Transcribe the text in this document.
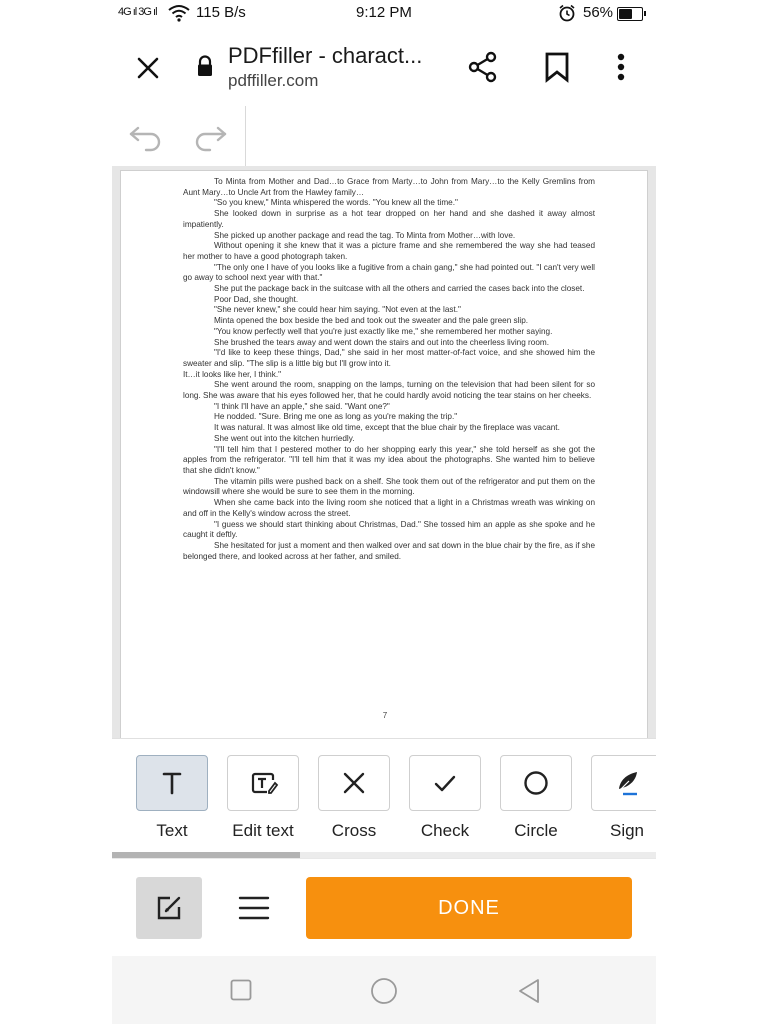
4G ıl 3G ıl	115 B/s	9:12 PM	56%
PDFfiller - charact...
pdffiller.com

To Minta from Mother and Dad…to Grace from Marty…to John from Mary…to the Kelly Gremlins from Aunt Mary…to Uncle Art from the Hawley family…

"So you knew," Minta whispered the words. "You knew all the time."

She looked down in surprise as a hot tear dropped on her hand and she dashed it away almost impatiently.

She picked up another package and read the tag. To Minta from Mother…with love.

Without opening it she knew that it was a picture frame and she remembered the way she had teased her mother to have a good photograph taken.

"The only one I have of you looks like a fugitive from a chain gang," she had pointed out. "I can't very well go away to school next year with that."

She put the package back in the suitcase with all the others and carried the cases back into the closet.

Poor Dad, she thought.

"She never knew," she could hear him saying. "Not even at the last."

Minta opened the box beside the bed and took out the sweater and the pale green slip.

"You know perfectly well that you're just exactly like me," she remembered her mother saying.

She brushed the tears away and went down the stairs and out into the cheerless living room.

"I'd like to keep these things, Dad," she said in her most matter-of-fact voice, and she showed him the sweater and slip. "The slip is a little big but I'll grow into it.

It…it looks like her, I think."

She went around the room, snapping on the lamps, turning on the television that had been silent for so long. She was aware that his eyes followed her, that he could hardly avoid noticing the tear stains on her cheeks.

"I think I'll have an apple," she said. "Want one?"

He nodded. "Sure. Bring me one as long as you're making the trip."

It was natural. It was almost like old time, except that the blue chair by the fireplace was vacant.

She went out into the kitchen hurriedly.

"I'll tell him that I pestered mother to do her shopping early this year," she told herself as she got the apples from the refrigerator. "I'll tell him that it was my idea about the photographs. She wanted him to believe that she didn't know."

The vitamin pills were pushed back on a shelf. She took them out of the refrigerator and put them on the windowsill where she would be sure to see them in the morning.

When she came back into the living room she noticed that a light in a Christmas wreath was winking on and off in the Kelly's window across the street.

"I guess we should start thinking about Christmas, Dad." She tossed him an apple as she spoke and he caught it deftly.

She hesitated for just a moment and then walked over and sat down in the blue chair by the fire, as if she belonged there, and looked across at her father, and smiled.

7
Text	Edit text	Cross	Check	Circle	Sign
DONE
